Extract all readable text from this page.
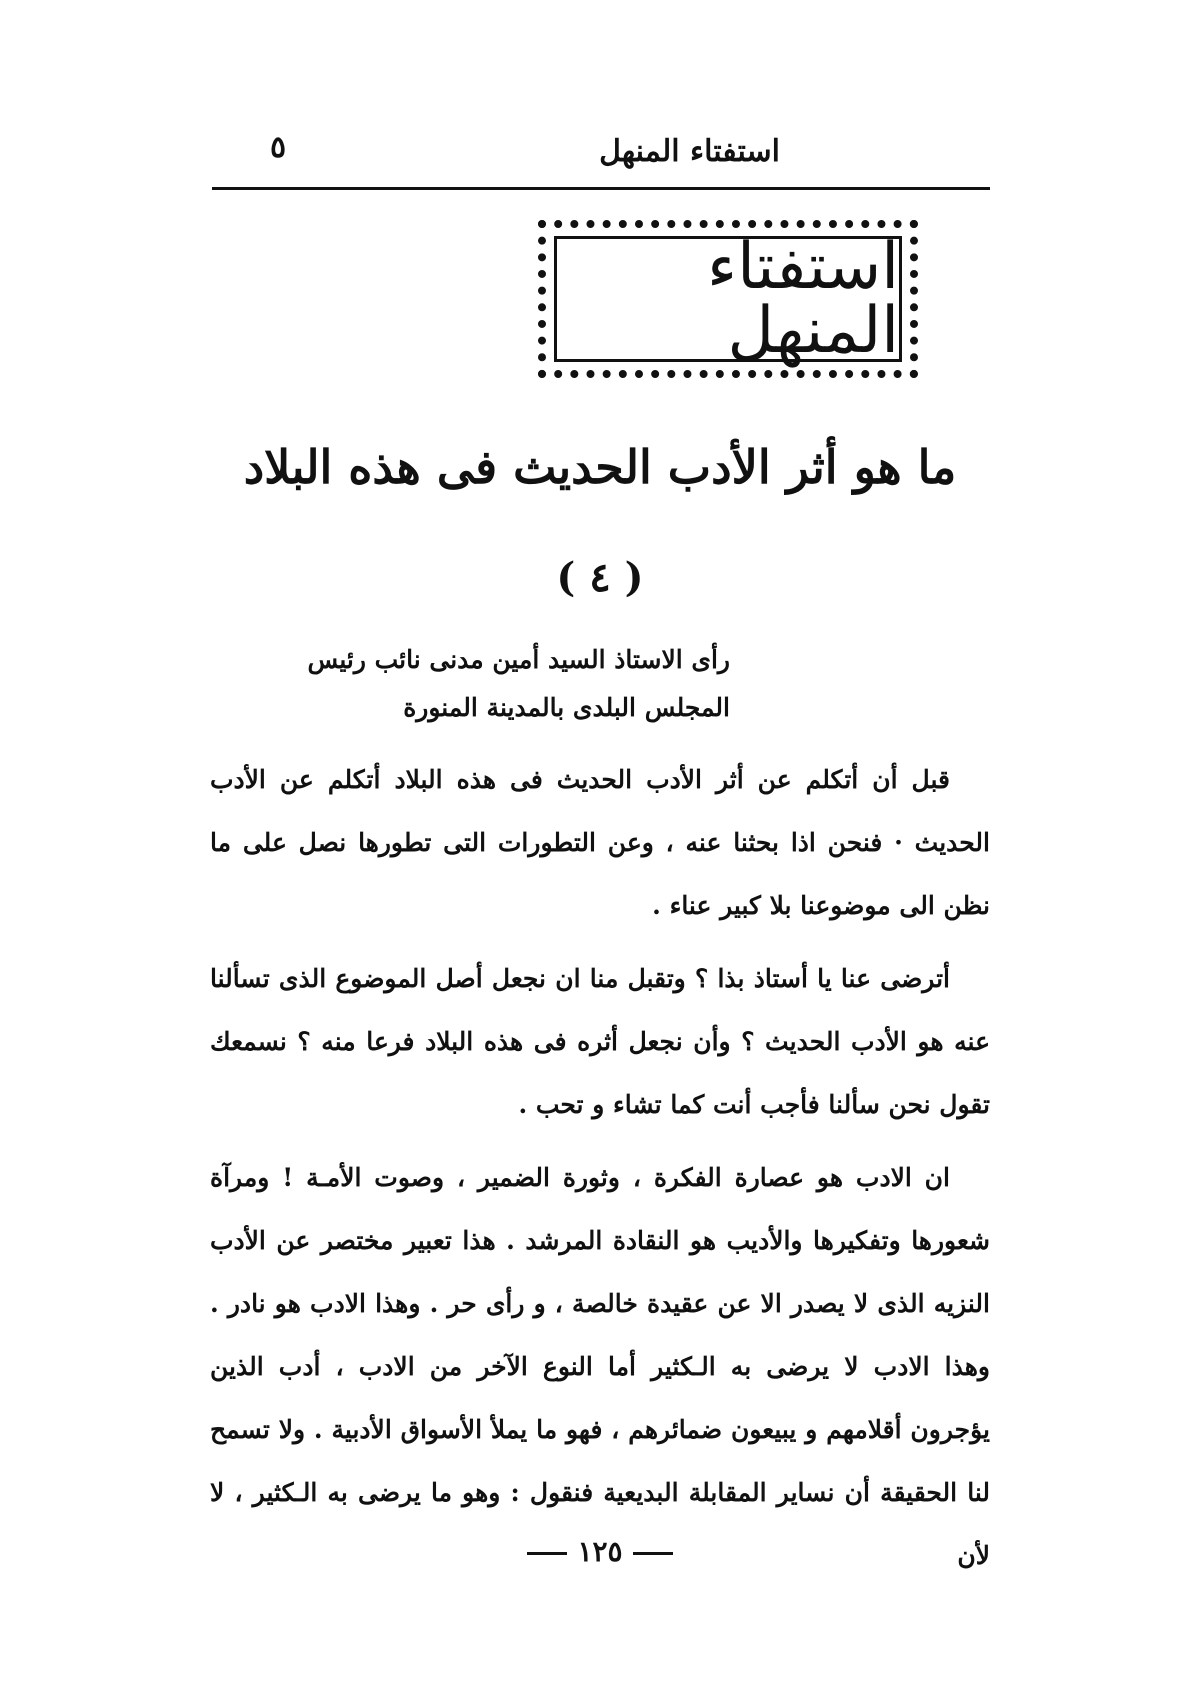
استفتاء المنهل
٥
استفتاء المنهل
ما هو أثر الأدب الحديث فى هذه البلاد
( ٤ )
رأى الاستاذ السيد أمين مدنى نائب رئيس
المجلس البلدى بالمدينة المنورة

قبل أن أتكلم عن أثر الأدب الحديث فى هذه البلاد أتكلم عن الأدب الحديث · فنحن اذا بحثنا عنه ، وعن التطورات التى تطورها نصل على ما نظن الى موضوعنا بلا كبير عناء .

أترضى عنا يا أستاذ بذا ؟ وتقبل منا ان نجعل أصل الموضوع الذى تسألنا عنه هو الأدب الحديث ؟ وأن نجعل أثره فى هذه البلاد فرعا منه ؟ نسمعك تقول نحن سألنا فأجب أنت كما تشاء و تحب .

ان الادب هو عصارة الفكرة ، وثورة الضمير ، وصوت الأمـة ! ومرآة شعورها وتفكيرها والأديب هو النقادة المرشد . هذا تعبير مختصر عن الأدب النزيه الذى لا يصدر الا عن عقيدة خالصة ، و رأى حر . وهذا الادب هو نادر . وهذا الادب لا يرضى به الـكثير أما النوع الآخر من الادب ، أدب الذين يؤجرون أقلامهم و يبيعون ضمائرهم ، فهو ما يملأ الأسواق الأدبية . ولا تسمح لنا الحقيقة أن نساير المقابلة البديعية فنقول : وهو ما يرضى به الـكثير ، لا لأن

١٢٥
